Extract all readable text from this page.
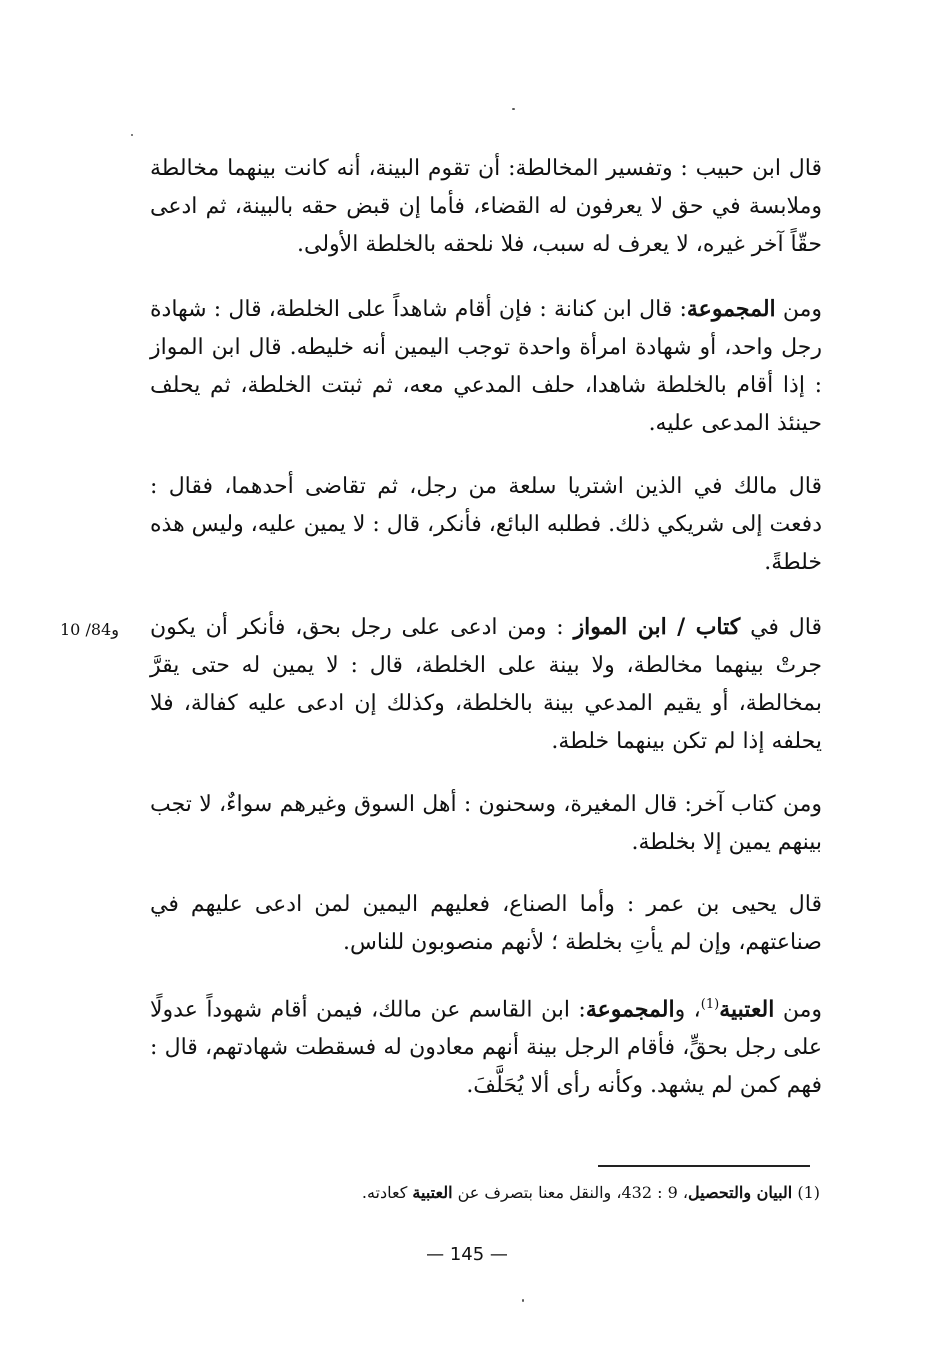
قال ابن حبيب : وتفسير المخالطة: أن تقوم البينة، أنه كانت بينهما مخالطة وملابسة في حق لا يعرفون له القضاء، فأما إن قبض حقه بالبينة، ثم ادعى حقّاً آخر غيره، لا يعرف له سبب، فلا نلحقه بالخلطة الأولى.

ومن المجموعة: قال ابن كنانة : فإن أقام شاهداً على الخلطة، قال : شهادة رجل واحد، أو شهادة امرأة واحدة توجب اليمين أنه خليطه. قال ابن المواز : إذا أقام بالخلطة شاهدا، حلف المدعي معه، ثم ثبتت الخلطة، ثم يحلف حينئذ المدعى عليه.

قال مالك في الذين اشتريا سلعة من رجل، ثم تقاضى أحدهما، فقال : دفعت إلى شريكي ذلك. فطلبه البائع، فأنكر، قال : لا يمين عليه، وليس هذه خلطةً.

قال في كتاب / ابن المواز : ومن ادعى على رجل بحق، فأنكر أن يكون جرتْ بينهما مخالطة، ولا بينة على الخلطة، قال : لا يمين له حتى يقرَّ بمخالطة، أو يقيم المدعي بينة بالخلطة، وكذلك إن ادعى عليه كفالة، فلا يحلفه إذا لم تكن بينهما خلطة.

ومن كتاب آخر: قال المغيرة، وسحنون : أهل السوق وغيرهم سواءٌ، لا تجب بينهم يمين إلا بخلطة.

قال يحيى بن عمر : وأما الصناع، فعليهم اليمين لمن ادعى عليهم في صناعتهم، وإن لم يأتِ بخلطة ؛ لأنهم منصوبون للناس.

ومن العتبية$^{(1)}$، والمجموعة: ابن القاسم عن مالك، فيمن أقام شهوداً عدولًا على رجل بحقٍّ، فأقام الرجل بينة أنهم معادون له فسقطت شهادتهم، قال : فهم كمن لم يشهد. وكأنه رأى ألا يُحَلَّفَ.

10 /84و
(1) البيان والتحصيل، 9 : 432، والنقل معنا بتصرف عن العتبية كعادته.
— 145 —
